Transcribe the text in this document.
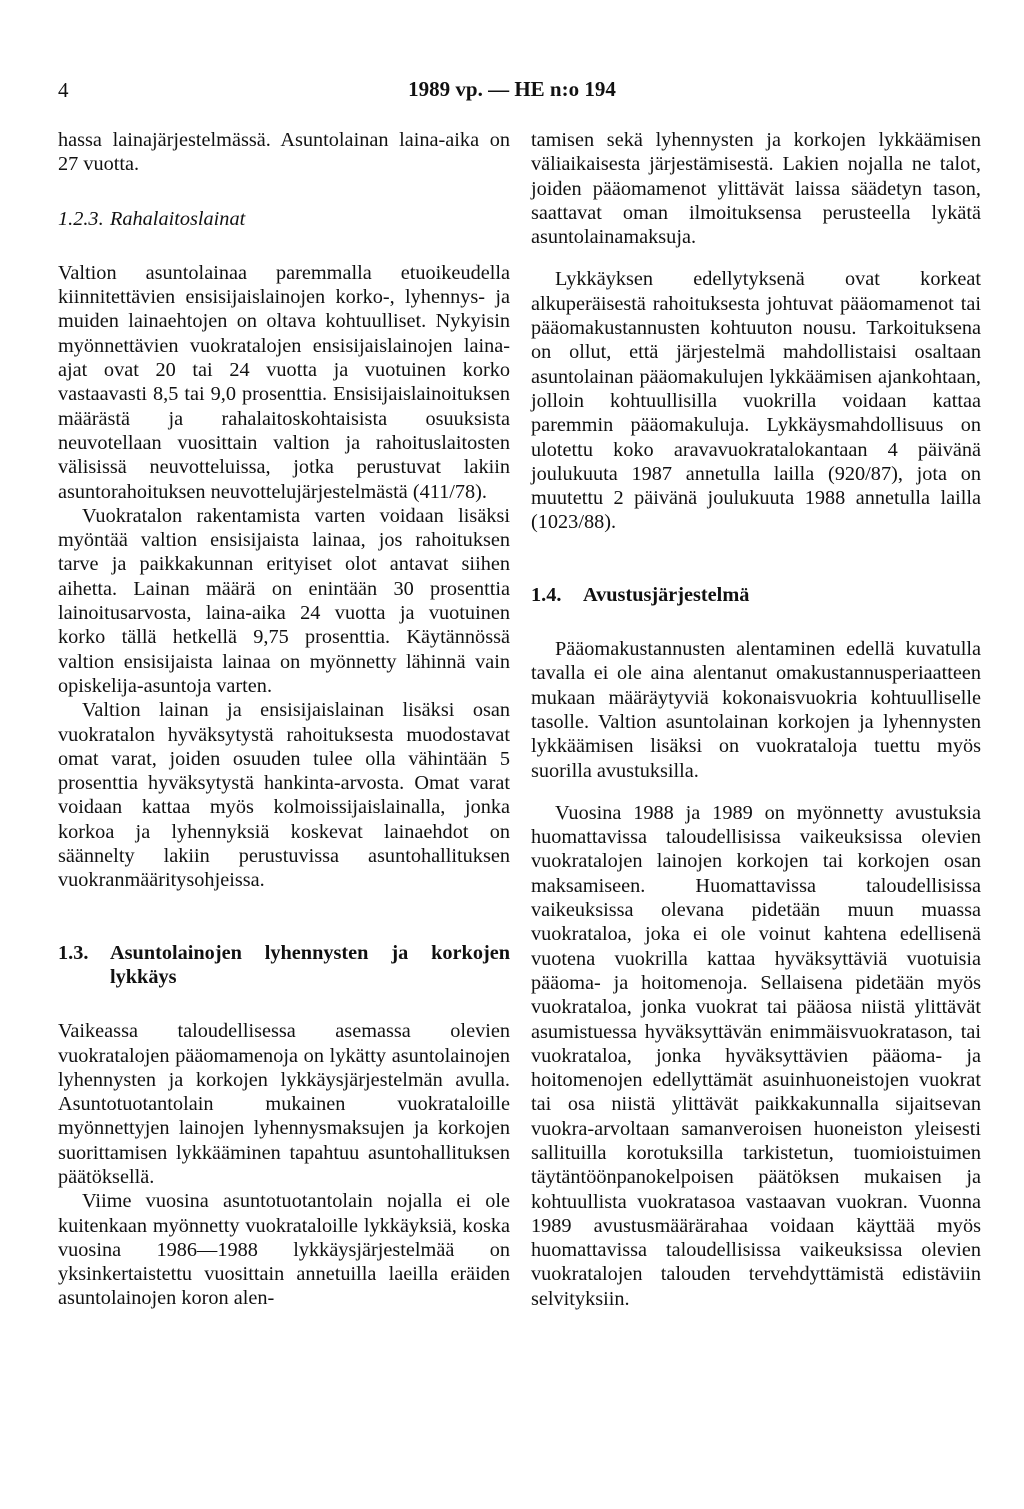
4	1989 vp. — HE n:o 194

hassa lainajärjestelmässä. Asuntolainan laina-aika on 27 vuotta.

1.2.3. Rahalaitoslainat

Valtion asuntolainaa paremmalla etuoikeudella kiinnitettävien ensisijaislainojen korko-, lyhennys- ja muiden lainaehtojen on oltava kohtuulliset. Nykyisin myönnettävien vuokratalojen ensisijaislainojen laina-ajat ovat 20 tai 24 vuotta ja vuotuinen korko vastaavasti 8,5 tai 9,0 prosenttia. Ensisijaislainoituksen määrästä ja rahalaitoskohtaisista osuuksista neuvotellaan vuosittain valtion ja rahoituslaitosten välisissä neuvotteluissa, jotka perustuvat lakiin asuntorahoituksen neuvottelujärjestelmästä (411/78).

Vuokratalon rakentamista varten voidaan lisäksi myöntää valtion ensisijaista lainaa, jos rahoituksen tarve ja paikkakunnan erityiset olot antavat siihen aihetta. Lainan määrä on enintään 30 prosenttia lainoitusarvosta, laina-aika 24 vuotta ja vuotuinen korko tällä hetkellä 9,75 prosenttia. Käytännössä valtion ensisijaista lainaa on myönnetty lähinnä vain opiskelija-asuntoja varten.

Valtion lainan ja ensisijaislainan lisäksi osan vuokratalon hyväksytystä rahoituksesta muodostavat omat varat, joiden osuuden tulee olla vähintään 5 prosenttia hyväksytystä hankinta-arvosta. Omat varat voidaan kattaa myös kolmoissijaislainalla, jonka korkoa ja lyhennyksiä koskevat lainaehdot on säännelty lakiin perustuvissa asuntohallituksen vuokranmääritysohjeissa.

1.3.	Asuntolainojen lyhennysten ja korkojen lykkäys

Vaikeassa taloudellisessa asemassa olevien vuokratalojen pääomamenoja on lykätty asuntolainojen lyhennysten ja korkojen lykkäysjärjestelmän avulla. Asuntotuotantolain mukainen vuokrataloille myönnettyjen lainojen lyhennysmaksujen ja korkojen suorittamisen lykkääminen tapahtuu asuntohallituksen päätöksellä.

Viime vuosina asuntotuotantolain nojalla ei ole kuitenkaan myönnetty vuokrataloille lykkäyksiä, koska vuosina 1986—1988 lykkäysjärjestelmää on yksinkertaistettu vuosittain annetuilla laeilla eräiden asuntolainojen koron alen-

tamisen sekä lyhennysten ja korkojen lykkäämisen väliaikaisesta järjestämisestä. Lakien nojalla ne talot, joiden pääomamenot ylittävät laissa säädetyn tason, saattavat oman ilmoituksensa perusteella lykätä asuntolainamaksuja.

Lykkäyksen edellytyksenä ovat korkeat alkuperäisestä rahoituksesta johtuvat pääomamenot tai pääomakustannusten kohtuuton nousu. Tarkoituksena on ollut, että järjestelmä mahdollistaisi osaltaan asuntolainan pääomakulujen lykkäämisen ajankohtaan, jolloin kohtuullisilla vuokrilla voidaan kattaa paremmin pääomakuluja. Lykkäysmahdollisuus on ulotettu koko aravavuokratalokantaan 4 päivänä joulukuuta 1987 annetulla lailla (920/87), jota on muutettu 2 päivänä joulukuuta 1988 annetulla lailla (1023/88).

1.4.	Avustusjärjestelmä

Pääomakustannusten alentaminen edellä kuvatulla tavalla ei ole aina alentanut omakustannusperiaatteen mukaan määräytyviä kokonaisvuokria kohtuulliselle tasolle. Valtion asuntolainan korkojen ja lyhennysten lykkäämisen lisäksi on vuokrataloja tuettu myös suorilla avustuksilla.

Vuosina 1988 ja 1989 on myönnetty avustuksia huomattavissa taloudellisissa vaikeuksissa olevien vuokratalojen lainojen korkojen tai korkojen osan maksamiseen. Huomattavissa taloudellisissa vaikeuksissa olevana pidetään muun muassa vuokrataloa, joka ei ole voinut kahtena edellisenä vuotena vuokrilla kattaa hyväksyttäviä vuotuisia pääoma- ja hoitomenoja. Sellaisena pidetään myös vuokrataloa, jonka vuokrat tai pääosa niistä ylittävät asumistuessa hyväksyttävän enimmäisvuokratason, tai vuokrataloa, jonka hyväksyttävien pääoma- ja hoitomenojen edellyttämät asuinhuoneistojen vuokrat tai osa niistä ylittävät paikkakunnalla sijaitsevan vuokra-arvoltaan samanveroisen huoneiston yleisesti sallituilla korotuksilla tarkistetun, tuomioistuimen täytäntöönpanokelpoisen päätöksen mukaisen ja kohtuullista vuokratasoa vastaavan vuokran. Vuonna 1989 avustusmäärärahaa voidaan käyttää myös huomattavissa taloudellisissa vaikeuksissa olevien vuokratalojen talouden tervehdyttämistä edistäviin selvityksiin.
